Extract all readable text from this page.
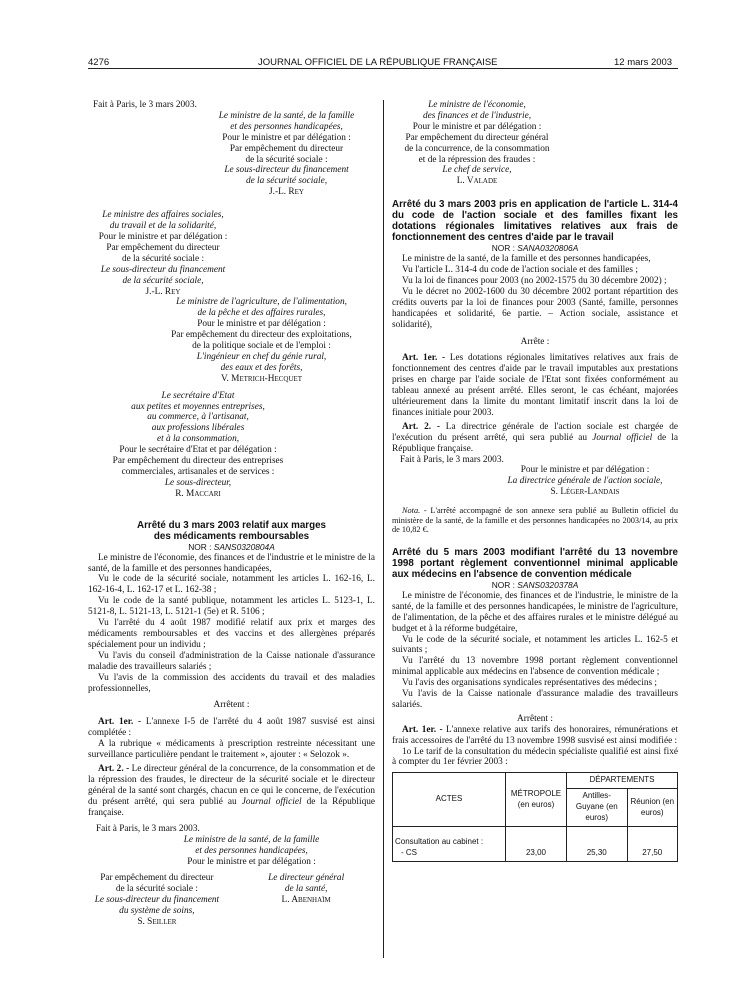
4276	JOURNAL OFFICIEL DE LA RÉPUBLIQUE FRANÇAISE	12 mars 2003

Fait à Paris, le 3 mars 2003.

Le ministre de la santé, de la famille

et des personnes handicapées,

Pour le ministre et par délégation :

Par empêchement du directeur

de la sécurité sociale :

Le sous-directeur du financement

de la sécurité sociale,

J.-L. Rey

Le ministre des affaires sociales,

du travail et de la solidarité,

Pour le ministre et par délégation :

Par empêchement du directeur

de la sécurité sociale :

Le sous-directeur du financement

de la sécurité sociale,

J.-L. Rey

Le ministre de l'agriculture, de l'alimentation,

de la pêche et des affaires rurales,

Pour le ministre et par délégation :

Par empêchement du directeur des exploitations,

de la politique sociale et de l'emploi :

L'ingénieur en chef du génie rural,

des eaux et des forêts,

V. Metrich-Hecquet

Le secrétaire d'Etat

aux petites et moyennes entreprises,

au commerce, à l'artisanat,

aux professions libérales

et à la consommation,

Pour le secrétaire d'Etat et par délégation :

Par empêchement du directeur des entreprises

commerciales, artisanales et de services :

Le sous-directeur,

R. Maccari

Arrêté du 3 mars 2003 relatif aux marges des médicaments remboursables

NOR : SANS0320804A

Le ministre de l'économie, des finances et de l'industrie et le ministre de la santé, de la famille et des personnes handicapées,

Vu le code de la sécurité sociale, notamment les articles L. 162-16, L. 162-16-4, L. 162-17 et L. 162-38 ;

Vu le code de la santé publique, notamment les articles L. 5123-1, L. 5121-8, L. 5121-13, L. 5121-1 (5e) et R. 5106 ;

Vu l'arrêté du 4 août 1987 modifié relatif aux prix et marges des médicaments remboursables et des vaccins et des allergènes préparés spécialement pour un individu ;

Vu l'avis du conseil d'administration de la Caisse nationale d'assurance maladie des travailleurs salariés ;

Vu l'avis de la commission des accidents du travail et des maladies professionnelles,

Arrêtent :

Art. 1er. - L'annexe I-5 de l'arrêté du 4 août 1987 susvisé est ainsi complétée :

A la rubrique « médicaments à prescription restreinte nécessitant une surveillance particulière pendant le traitement », ajouter : « Selozok ».

Art. 2. - Le directeur général de la concurrence, de la consommation et de la répression des fraudes, le directeur de la sécurité sociale et le directeur général de la santé sont chargés, chacun en ce qui le concerne, de l'exécution du présent arrêté, qui sera publié au Journal officiel de la République française.

Fait à Paris, le 3 mars 2003.

Le ministre de la santé, de la famille

et des personnes handicapées,

Pour le ministre et par délégation :

Par empêchement du directeur

de la sécurité sociale :

Le sous-directeur du financement

du système de soins,

S. Seiller

Le directeur général

de la santé,

L. Abenhaïm

Le ministre de l'économie,

des finances et de l'industrie,

Pour le ministre et par délégation :

Par empêchement du directeur général

de la concurrence, de la consommation

et de la répression des fraudes :

Le chef de service,

L. Valade

Arrêté du 3 mars 2003 pris en application de l'article L. 314-4 du code de l'action sociale et des familles fixant les dotations régionales limitatives relatives aux frais de fonctionnement des centres d'aide par le travail

NOR : SANA0320806A

Le ministre de la santé, de la famille et des personnes handicapées,

Vu l'article L. 314-4 du code de l'action sociale et des familles ;

Vu la loi de finances pour 2003 (no 2002-1575 du 30 décembre 2002) ;

Vu le décret no 2002-1600 du 30 décembre 2002 portant répartition des crédits ouverts par la loi de finances pour 2003 (Santé, famille, personnes handicapées et solidarité, 6e partie. – Action sociale, assistance et solidarité),

Arrête :

Art. 1er. - Les dotations régionales limitatives relatives aux frais de fonctionnement des centres d'aide par le travail imputables aux prestations prises en charge par l'aide sociale de l'Etat sont fixées conformément au tableau annexé au présent arrêté. Elles seront, le cas échéant, majorées ultérieurement dans la limite du montant limitatif inscrit dans la loi de finances initiale pour 2003.

Art. 2. - La directrice générale de l'action sociale est chargée de l'exécution du présent arrêté, qui sera publié au Journal officiel de la République française.

Fait à Paris, le 3 mars 2003.

Pour le ministre et par délégation :

La directrice générale de l'action sociale,

S. Léger-Landais

Nota. - L'arrêté accompagné de son annexe sera publié au Bulletin officiel du ministère de la santé, de la famille et des personnes handicapées no 2003/14, au prix de 10,82 €.

Arrêté du 5 mars 2003 modifiant l'arrêté du 13 novembre 1998 portant règlement conventionnel minimal applicable aux médecins en l'absence de convention médicale

NOR : SANS0320378A

Le ministre de l'économie, des finances et de l'industrie, le ministre de la santé, de la famille et des personnes handicapées, le ministre de l'agriculture, de l'alimentation, de la pêche et des affaires rurales et le ministre délégué au budget et à la réforme budgétaire,

Vu le code de la sécurité sociale, et notamment les articles L. 162-5 et suivants ;

Vu l'arrêté du 13 novembre 1998 portant règlement conventionnel minimal applicable aux médecins en l'absence de convention médicale ;

Vu l'avis des organisations syndicales représentatives des médecins ;

Vu l'avis de la Caisse nationale d'assurance maladie des travailleurs salariés.

Arrêtent :

Art. 1er. - L'annexe relative aux tarifs des honoraires, rémunérations et frais accessoires de l'arrêté du 13 novembre 1998 susvisé est ainsi modifiée :

1o Le tarif de la consultation du médecin spécialiste qualifié est ainsi fixé à compter du 1er février 2003 :

ACTES	MÉTROPOLE (en euros)	DÉPARTEMENTS	
		Antilles-Guyane (en euros)	Réunion (en euros)

Consultation au cabinet :
- CS	23,00	25,30	27,50
